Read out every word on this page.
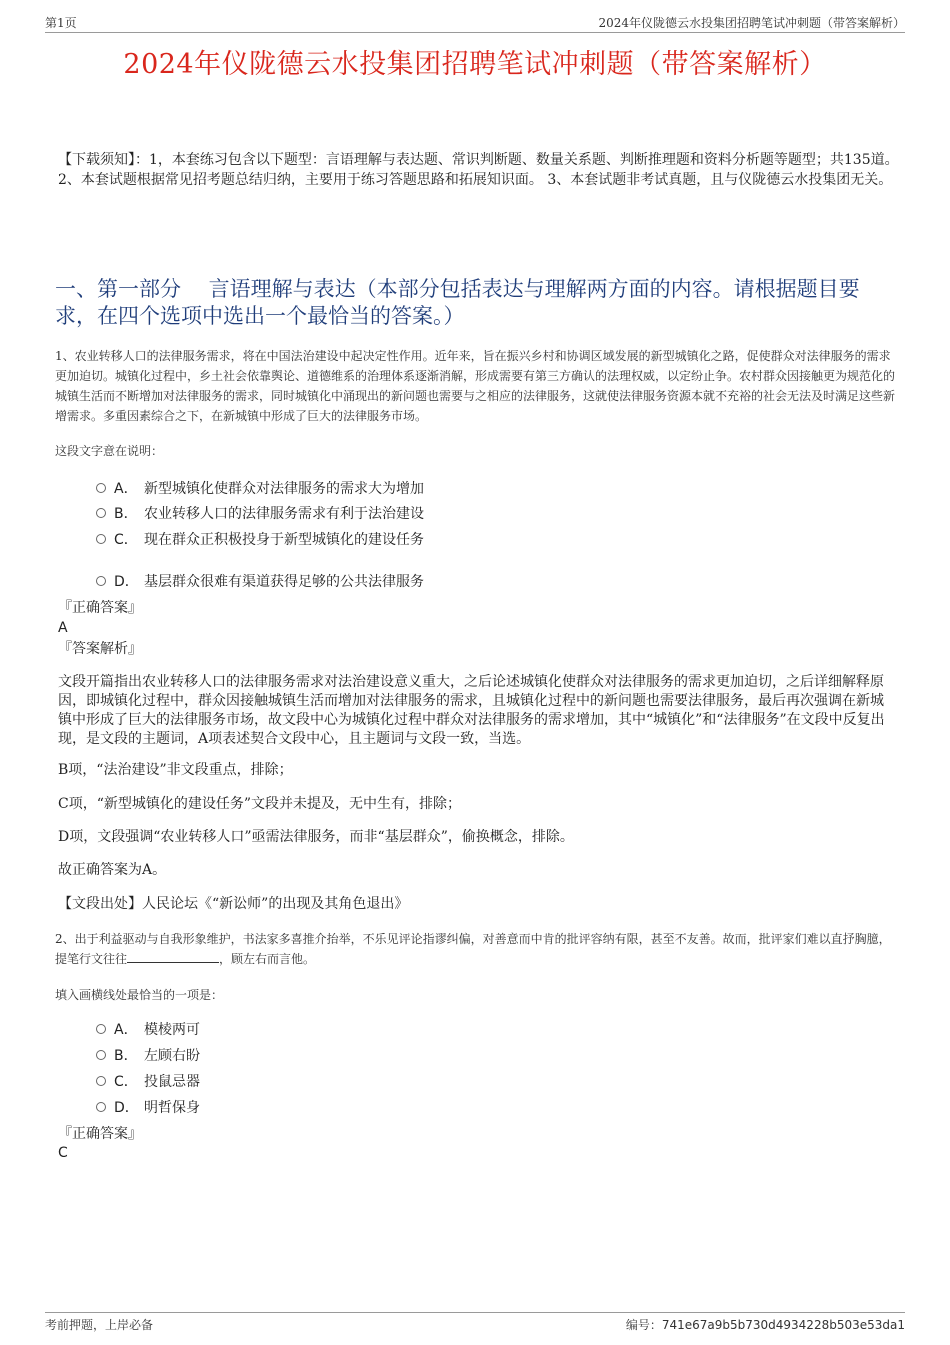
第1页	2024年仪陇德云水投集团招聘笔试冲刺题（带答案解析）
2024年仪陇德云水投集团招聘笔试冲刺题（带答案解析）
【下载须知】：1，本套练习包含以下题型：言语理解与表达题、常识判断题、数量关系题、判断推理题和资料分析题等题型；共135道。 2、本套试题根据常见招考题总结归纳，主要用于练习答题思路和拓展知识面。 3、本套试题非考试真题，且与仪陇德云水投集团无关。
一、第一部分　 言语理解与表达（本部分包括表达与理解两方面的内容。请根据题目要求，在四个选项中选出一个最恰当的答案。）
1、农业转移人口的法律服务需求，将在中国法治建设中起决定性作用。近年来，旨在振兴乡村和协调区域发展的新型城镇化之路，促使群众对法律服务的需求更加迫切。城镇化过程中，乡土社会依靠舆论、道德维系的治理体系逐渐消解，形成需要有第三方确认的法理权威，以定纷止争。农村群众因接触更为规范化的城镇生活而不断增加对法律服务的需求，同时城镇化中涌现出的新问题也需要与之相应的法律服务，这就使法律服务资源本就不充裕的社会无法及时满足这些新增需求。多重因素综合之下，在新城镇中形成了巨大的法律服务市场。
这段文字意在说明：
A． 新型城镇化使群众对法律服务的需求大为增加
B． 农业转移人口的法律服务需求有利于法治建设
C． 现在群众正积极投身于新型城镇化的建设任务
D． 基层群众很难有渠道获得足够的公共法律服务
『正确答案』
A
『答案解析』
文段开篇指出农业转移人口的法律服务需求对法治建设意义重大，之后论述城镇化使群众对法律服务的需求更加迫切，之后详细解释原因，即城镇化过程中，群众因接触城镇生活而增加对法律服务的需求，且城镇化过程中的新问题也需要法律服务，最后再次强调在新城镇中形成了巨大的法律服务市场，故文段中心为城镇化过程中群众对法律服务的需求增加，其中“城镇化”和“法律服务”在文段中反复出现，是文段的主题词，A项表述契合文段中心，且主题词与文段一致，当选。
B项，“法治建设”非文段重点，排除；
C项，“新型城镇化的建设任务”文段并未提及，无中生有，排除；
D项，文段强调“农业转移人口”亟需法律服务，而非“基层群众”，偷换概念，排除。
故正确答案为A。
【文段出处】人民论坛《“新讼师”的出现及其角色退出》
2、出于利益驱动与自我形象维护，书法家多喜推介抬举，不乐见评论指谬纠偏，对善意而中肯的批评容纳有限，甚至不友善。故而，批评家们难以直抒胸臆，提笔行文往往	，顾左右而言他。
填入画横线处最恰当的一项是：
A． 模棱两可
B． 左顾右盼
C． 投鼠忌器
D． 明哲保身
『正确答案』
C
考前押题，上岸必备	编号：741e67a9b5b730d4934228b503e53da1
